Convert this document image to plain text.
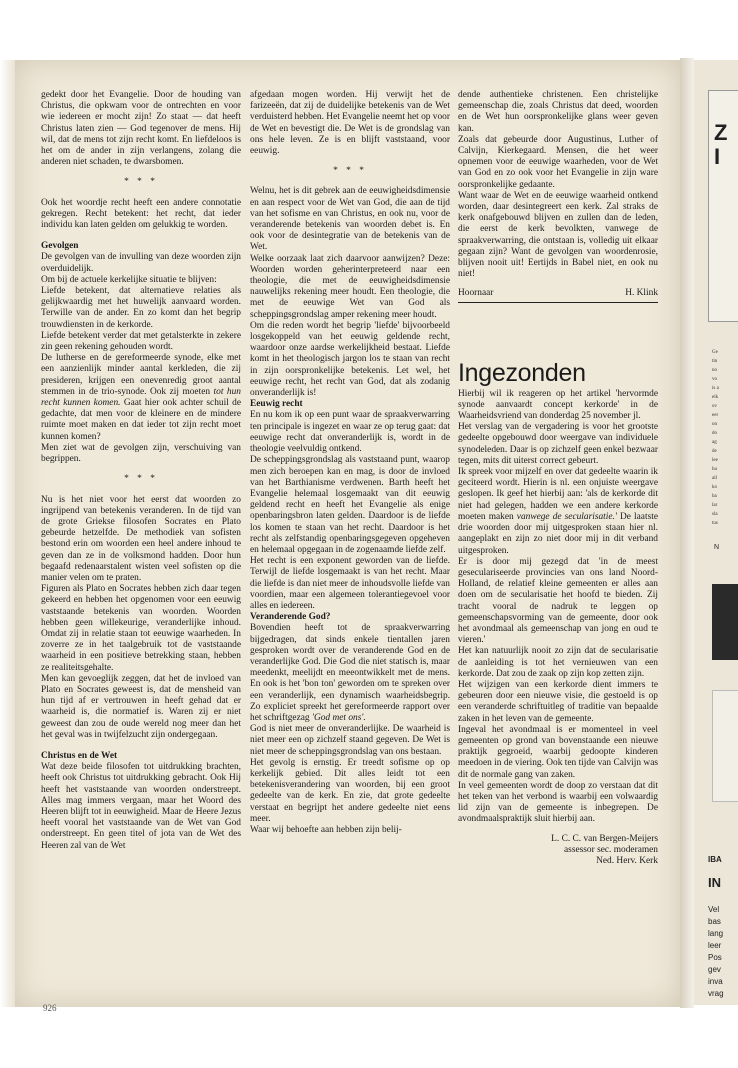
gedekt door het Evangelie. Door de houding van Christus, die opkwam voor de ontrechten en voor wie iedereen er mocht zijn! Zo staat — dat heeft Christus laten zien — God tegenover de mens. Hij wil, dat de mens tot zijn recht komt. En liefdeloos is het om de ander in zijn verlangens, zolang die anderen niet schaden, te dwarsbomen.

* * *

Ook het woordje recht heeft een andere connotatie gekregen. Recht betekent: het recht, dat ieder individu kan laten gelden om gelukkig te worden.

Gevolgen

De gevolgen van de invulling van deze woorden zijn overduidelijk.

Om bij de actuele kerkelijke situatie te blijven:

Liefde betekent, dat alternatieve relaties als gelijkwaardig met het huwelijk aanvaard worden. Terwille van de ander. En zo komt dan het begrip trouwdiensten in de kerkorde.

Liefde betekent verder dat met getalsterkte in zekere zin geen rekening gehouden wordt.

De lutherse en de gereformeerde synode, elke met een aanzienlijk minder aantal kerkleden, die zij presideren, krijgen een onevenredig groot aantal stemmen in de trio-synode. Ook zij moeten tot hun recht kunnen komen. Gaat hier ook achter schuil de gedachte, dat men voor de kleinere en de mindere ruimte moet maken en dat ieder tot zijn recht moet kunnen komen?

Men ziet wat de gevolgen zijn, verschuiving van begrippen.

* * *

Nu is het niet voor het eerst dat woorden zo ingrijpend van betekenis veranderen. In de tijd van de grote Griekse filosofen Socrates en Plato gebeurde hetzelfde. De methodiek van sofisten bestond erin om woorden een heel andere inhoud te geven dan ze in de volksmond hadden. Door hun begaafd redenaarstalent wisten veel sofisten op die manier velen om te praten.

Figuren als Plato en Socrates hebben zich daar tegen gekeerd en hebben het opgenomen voor een eeuwig vaststaande betekenis van woorden. Woorden hebben geen willekeurige, veranderlijke inhoud. Omdat zij in relatie staan tot eeuwige waarheden. In zoverre ze in het taalgebruik tot de vaststaande waarheid in een positieve betrekking staan, hebben ze realiteitsgehalte.

Men kan gevoeglijk zeggen, dat het de invloed van Plato en Socrates geweest is, dat de mensheid van hun tijd af er vertrouwen in heeft gehad dat er waarheid is, die normatief is. Waren zij er niet geweest dan zou de oude wereld nog meer dan het het geval was in twijfelzucht zijn ondergegaan.

Christus en de Wet

Wat deze beide filosofen tot uitdrukking brachten, heeft ook Christus tot uitdrukking gebracht. Ook Hij heeft het vaststaande van woorden onderstreept. Alles mag immers vergaan, maar het Woord des Heeren blijft tot in eeuwigheid. Maar de Heere Jezus heeft vooral het vaststaande van de Wet van God onderstreept. En geen titel of jota van de Wet des Heeren zal van de Wet

afgedaan mogen worden. Hij verwijt het de farizeeën, dat zij de duidelijke betekenis van de Wet verduisterd hebben. Het Evangelie neemt het op voor de Wet en bevestigt die. De Wet is de grondslag van ons hele leven. Ze is en blijft vaststaand, voor eeuwig.

* * *

Welnu, het is dit gebrek aan de eeuwigheidsdimensie en aan respect voor de Wet van God, die aan de tijd van het sofisme en van Christus, en ook nu, voor de veranderende betekenis van woorden debet is. En ook voor de desintegratie van de betekenis van de Wet.

Welke oorzaak laat zich daarvoor aanwijzen? Deze: Woorden worden geherinterpreteerd naar een theologie, die met de eeuwigheidsdimensie nauwelijks rekening meer houdt. Een theologie, die met de eeuwige Wet van God als scheppingsgrondslag amper rekening meer houdt.

Om die reden wordt het begrip 'liefde' bijvoorbeeld losgekoppeld van het eeuwig geldende recht, waardoor onze aardse werkelijkheid bestaat. Liefde komt in het theologisch jargon los te staan van recht in zijn oorspronkelijke betekenis. Let wel, het eeuwige recht, het recht van God, dat als zodanig onveranderlijk is!

Eeuwig recht

En nu kom ik op een punt waar de spraakverwarring ten principale is ingezet en waar ze op terug gaat: dat eeuwige recht dat onveranderlijk is, wordt in de theologie veelvuldig ontkend.

De scheppingsgrondslag als vaststaand punt, waarop men zich beroepen kan en mag, is door de invloed van het Barthianisme verdwenen. Barth heeft het Evangelie helemaal losgemaakt van dit eeuwig geldend recht en heeft het Evangelie als enige openbaringsbron laten gelden. Daardoor is de liefde los komen te staan van het recht. Daardoor is het recht als zelfstandig openbaringsgegeven opgeheven en helemaal opgegaan in de zogenaamde liefde zelf.

Het recht is een exponent geworden van de liefde. Terwijl de liefde losgemaakt is van het recht. Maar die liefde is dan niet meer de inhoudsvolle liefde van voordien, maar een algemeen tolerantiegevoel voor alles en iedereen.

Veranderende God?

Bovendien heeft tot de spraakverwarring bijgedragen, dat sinds enkele tientallen jaren gesproken wordt over de veranderende God en de veranderlijke God. Die God die niet statisch is, maar meedenkt, meelijdt en meeontwikkelt met de mens. En ook is het 'bon ton' geworden om te spreken over een veranderlijk, een dynamisch waarheidsbegrip. Zo expliciet spreekt het gereformeerde rapport over het schriftgezag 'God met ons'.

God is niet meer de onveranderlijke. De waarheid is niet meer een op zichzelf staand gegeven. De Wet is niet meer de scheppingsgrondslag van ons bestaan.

Het gevolg is ernstig. Er treedt sofisme op op kerkelijk gebied. Dit alles leidt tot een betekenisverandering van woorden, bij een groot gedeelte van de kerk. En zie, dat grote gedeelte verstaat en begrijpt het andere gedeelte niet eens meer.

Waar wij behoefte aan hebben zijn belij-

dende authentieke christenen. Een christelijke gemeenschap die, zoals Christus dat deed, woorden en de Wet hun oorspronkelijke glans weer geven kan.

Zoals dat gebeurde door Augustinus, Luther of Calvijn, Kierkegaard. Mensen, die het weer opnemen voor de eeuwige waarheden, voor de Wet van God en zo ook voor het Evangelie in zijn ware oorspronkelijke gedaante.

Want waar de Wet en de eeuwige waarheid ontkend worden, daar desintegreert een kerk. Zal straks de kerk onafgebouwd blijven en zullen dan de leden, die eerst de kerk bevolkten, vanwege de spraakverwarring, die ontstaan is, volledig uit elkaar gegaan zijn? Want de gevolgen van woordenrosie, blijven nooit uit! Eertijds in Babel niet, en ook nu niet!

Hoornaar	H. Klink
Ingezonden

Hierbij wil ik reageren op het artikel 'hervormde synode aanvaardt concept kerkorde' in de Waarheidsvriend van donderdag 25 november jl.

Het verslag van de vergadering is voor het grootste gedeelte opgebouwd door weergave van individuele synodeleden. Daar is op zichzelf geen enkel bezwaar tegen, mits dit uiterst correct gebeurt.

Ik spreek voor mijzelf en over dat gedeelte waarin ik geciteerd wordt. Hierin is nl. een onjuiste weergave geslopen. Ik geef het hierbij aan: 'als de kerkorde dit niet had gelegen, hadden we een andere kerkorde moeten maken vanwege de secularisatie.' De laatste drie woorden door mij uitgesproken staan hier nl. aangeplakt en zijn zo niet door mij in dit verband uitgesproken.

Er is door mij gezegd dat 'in de meest geseculariseerde provincies van ons land Noord-Holland, de relatief kleine gemeenten er alles aan doen om de secularisatie het hoofd te bieden. Zij tracht vooral de nadruk te leggen op gemeenschapsvorming van de gemeente, door ook het avondmaal als gemeenschap van jong en oud te vieren.'

Het kan natuurlijk nooit zo zijn dat de secularisatie de aanleiding is tot het vernieuwen van een kerkorde. Dat zou de zaak op zijn kop zetten zijn.

Het wijzigen van een kerkorde dient immers te gebeuren door een nieuwe visie, die gestoeld is op een veranderde schriftuitleg of traditie van bepaalde zaken in het leven van de gemeente.

Ingeval het avondmaal is er momenteel in veel gemeenten op grond van bovenstaande een nieuwe praktijk gegroeid, waarbij gedoopte kinderen meedoen in de viering. Ook ten tijde van Calvijn was dit de normale gang van zaken.

In veel gemeenten wordt de doop zo verstaan dat dit het teken van het verbond is waarbij een volwaardig lid zijn van de gemeente is inbegrepen. De avondmaalspraktijk sluit hierbij aan.

L. C. C. van Bergen-Meijers
assessor sec. moderamen
Ned. Herv. Kerk
926
Z
I
Ge
tin
no
vo
is a
elk
ov
eer
on
do
ag
de
lee
hu
all
ko
ba
lar
sla
tus
N
IBA
IN
Vel
bas
lang
leer
Pos
gev
inva
vrag
